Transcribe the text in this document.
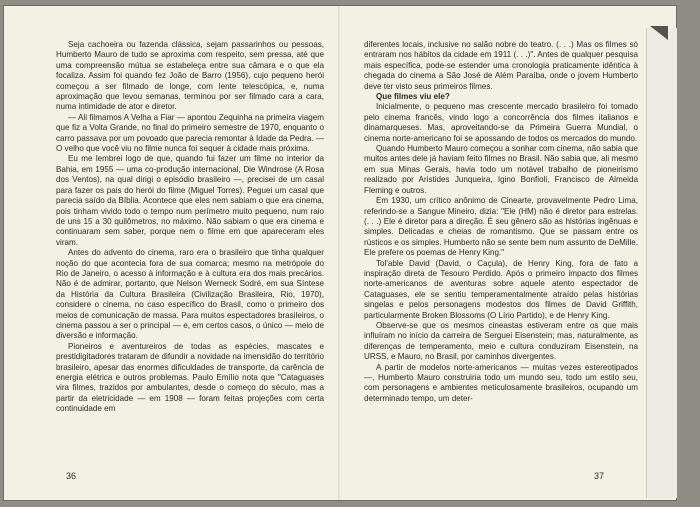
Seja cachoeira ou fazenda clássica, sejam passarinhos ou pessoas, Humberto Mauro de tudo se aproxima com respeito, sem pressa, até que uma compreensão mútua se estabeleça entre sua câmara e o que ela focaliza. Assim foi quando fez João de Barro (1956), cujo pequeno herói começou a ser filmado de longe, com lente telescópica, e, numa aproximação que levou semanas, terminou por ser filmado cara a cara, numa intimidade de ator e diretor.

— Ali filmamos A Velha a Fiar — apontou Zequinha na primeira viagem que fiz a Volta Grande, no final do primeiro semestre de 1970, enquanto o carro passava por um povoado que parecia remontar à Idade da Pedra. — O velho que você viu no filme nunca foi sequer à cidade mais próxima.

Eu me lembrei logo de que, quando fui fazer um filme no interior da Bahia, em 1955 — uma co-produção internacional, Die Windrose (A Rosa dos Ventos), na qual dirigi o episódio brasileiro —, precisei de um casal para fazer os pais do herói do filme (Miguel Torres). Peguei um casal que parecia saído da Bíblia. Acontece que eles nem sabiam o que era cinema, pois tinham vivido todo o tempo num perímetro muito pequeno, num raio de uns 15 a 30 quilômetros, no máximo. Não sabiam o que era cinema e continuaram sem saber, porque nem o filme em que apareceram eles viram.

Antes do advento do cinema, raro era o brasileiro que tinha qualquer noção do que acontecia fora de sua comarca; mesmo na metrópole do Rio de Janeiro, o acesso à informação e à cultura era dos mais precários. Não é de admirar, portanto, que Nelson Werneck Sodré, em sua Síntese da História da Cultura Brasileira (Civilização Brasileira, Rio, 1970), considere o cinema, no caso específico do Brasil, como o primeiro dos meios de comunicação de massa. Para muitos espectadores brasileiros, o cinema passou a ser o principal — e, em certos casos, o único — meio de diversão e informação.

Pioneiros e aventureiros de todas as espécies, mascates e prestidigitadores trataram de difundir a novidade na imensidão do território brasileiro, apesar das enormes dificuldades de transporte, da carência de energia elétrica e outros problemas. Paulo Emílio nota que "Cataguases vira filmes, trazidos por ambulantes, desde o começo do século, mas a partir da eletricidade — em 1908 — foram feitas projeções com certa continuidade em

diferentes locais, inclusive no salão nobre do teatro. (. . .) Mas os filmes só entraram nos hábitos da cidade em 1911 (. . .)". Antes de qualquer pesquisa mais específica, pode-se estender uma cronologia praticamente idêntica à chegada do cinema a São José de Além Paraíba, onde o jovem Humberto deve ter visto seus primeiros filmes.

Que filmes viu ele?

Inicialmente, o pequeno mas crescente mercado brasileiro foi tomado pelo cinema francês, vindo logo a concorrência dos filmes italianos e dinamarqueses. Mas, aproveitando-se da Primeira Guerra Mundial, o cinema norte-americano foi se apossando de todos os mercados do mundo.

Quando Humberto Mauro começou a sonhar com cinema, não sabia que muitos antes dele já haviam feito filmes no Brasil. Não sabia que, ali mesmo em sua Minas Gerais, havia todo um notável trabalho de pioneirismo realizado por Aristides Junqueira, Igino Bonfioli, Francisco de Almeida Fleming e outros.

Em 1930, um crítico anônimo de Cinearte, provavelmente Pedro Lima, referindo-se a Sangue Mineiro, dizia: "Ele (HM) não é diretor para estrelas. (. . .) Ele é diretor para a direção. É seu gênero são as histórias ingênuas e simples. Delicadas e cheias de romantismo. Que se passam entre os rústicos e os simples. Humberto não se sente bem num assunto de DeMille. Ele prefere os poemas de Henry King."

Tol'able David (David, o Caçula), de Henry King, fora de fato a inspiração direta de Tesouro Perdido. Após o primeiro impacto dos filmes norte-americanos de aventuras sobre aquele atento espectador de Cataguases, ele se sentiu temperamentalmente atraído pelas histórias singelas e pelos personagens modestos dos filmes de David Griffith, particularmente Broken Blossoms (O Lírio Partido), e de Henry King.

Observe-se que os mesmos cineastas estiveram entre os que mais influíram no início da carreira de Serguei Eisenstein; mas, naturalmente, as diferenças de temperamento, meio e cultura conduziram Eisenstein, na URSS, e Mauro, no Brasil, por caminhos divergentes.

A partir de modelos norte-americanos — muitas vezes estereotipados —, Humberto Mauro construiria todo um mundo seu, todo um estilo seu, com personagens e ambientes meticulosamente brasileiros, ocupando um determinado tempo, um deter-

36	37
